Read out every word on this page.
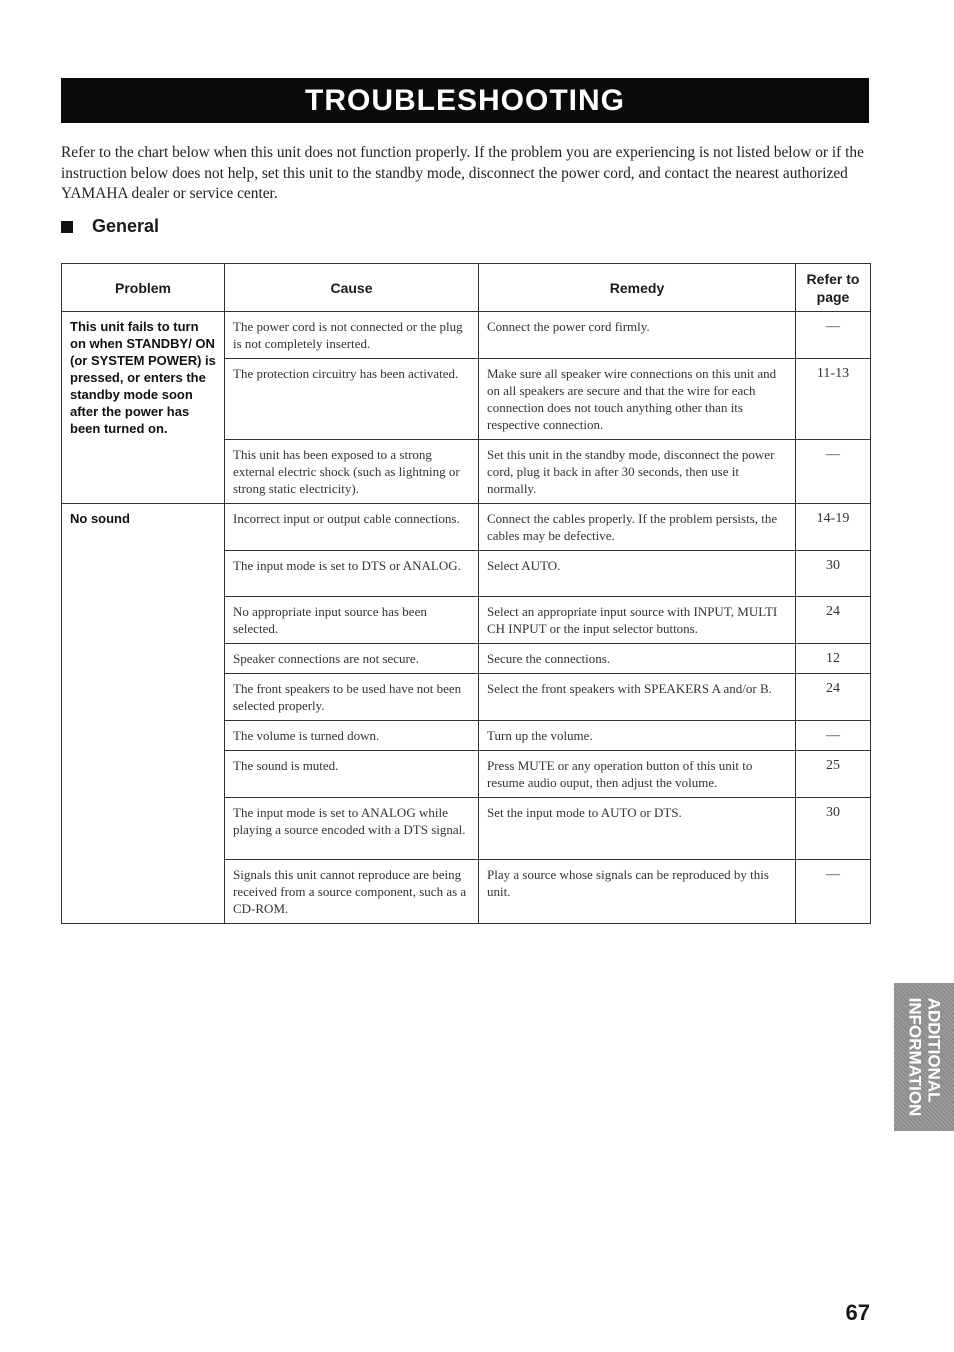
TROUBLESHOOTING

Refer to the chart below when this unit does not function properly. If the problem you are experiencing is not listed below or if the instruction below does not help, set this unit to the standby mode, disconnect the power cord, and contact the nearest authorized YAMAHA dealer or service center.

General
Problem	Cause	Remedy	Refer to page
This unit fails to turn on when STANDBY/ ON (or SYSTEM POWER) is pressed, or enters the standby mode soon after the power has been turned on.	The power cord is not connected or the plug is not completely inserted.	Connect the power cord firmly.	—
	The protection circuitry has been activated.	Make sure all speaker wire connections on this unit and on all speakers are secure and that the wire for each connection does not touch anything other than its respective connection.	11-13
	This unit has been exposed to a strong external electric shock (such as lightning or strong static electricity).	Set this unit in the standby mode, disconnect the power cord, plug it back in after 30 seconds, then use it normally.	—
No sound	Incorrect input or output cable connections.	Connect the cables properly. If the problem persists, the cables may be defective.	14-19
	The input mode is set to DTS or ANALOG.	Select AUTO.	30
	No appropriate input source has been selected.	Select an appropriate input source with INPUT, MULTI CH INPUT or the input selector buttons.	24
	Speaker connections are not secure.	Secure the connections.	12
	The front speakers to be used have not been selected properly.	Select the front speakers with SPEAKERS A and/or B.	24
	The volume is turned down.	Turn up the volume.	—
	The sound is muted.	Press MUTE or any operation button of this unit to resume audio ouput, then adjust the volume.	25
	The input mode is set to ANALOG while playing a source encoded with a DTS signal.	Set the input mode to AUTO or DTS.	30
	Signals this unit cannot reproduce are being received from a source component, such as a CD-ROM.	Play a source whose signals can be reproduced by this unit.	—
ADDITIONAL
INFORMATION
67
